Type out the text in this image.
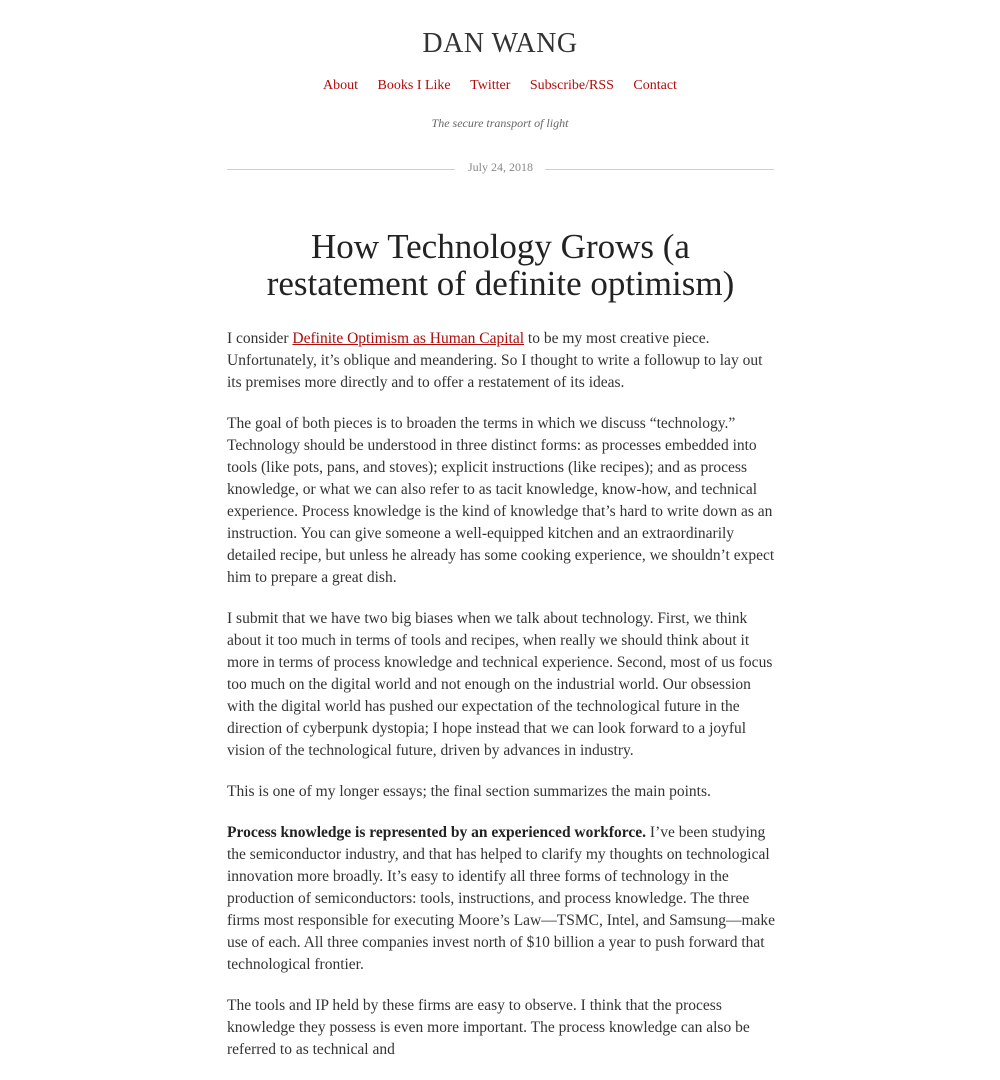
DAN WANG
About Books I Like Twitter Subscribe/RSS Contact
The secure transport of light
July 24, 2018
How Technology Grows (a restatement of definite optimism)

I consider Definite Optimism as Human Capital to be my most creative piece. Unfortunately, it’s oblique and meandering. So I thought to write a followup to lay out its premises more directly and to offer a restatement of its ideas.

The goal of both pieces is to broaden the terms in which we discuss “technology.” Technology should be understood in three distinct forms: as processes embedded into tools (like pots, pans, and stoves); explicit instructions (like recipes); and as process knowledge, or what we can also refer to as tacit knowledge, know-how, and technical experience. Process knowledge is the kind of knowledge that’s hard to write down as an instruction. You can give someone a well-equipped kitchen and an extraordinarily detailed recipe, but unless he already has some cooking experience, we shouldn’t expect him to prepare a great dish.

I submit that we have two big biases when we talk about technology. First, we think about it too much in terms of tools and recipes, when really we should think about it more in terms of process knowledge and technical experience. Second, most of us focus too much on the digital world and not enough on the industrial world. Our obsession with the digital world has pushed our expectation of the technological future in the direction of cyberpunk dystopia; I hope instead that we can look forward to a joyful vision of the technological future, driven by advances in industry.

This is one of my longer essays; the final section summarizes the main points.

Process knowledge is represented by an experienced workforce. I’ve been studying the semiconductor industry, and that has helped to clarify my thoughts on technological innovation more broadly. It’s easy to identify all three forms of technology in the production of semiconductors: tools, instructions, and process knowledge. The three firms most responsible for executing Moore’s Law—TSMC, Intel, and Samsung—make use of each. All three companies invest north of $10 billion a year to push forward that technological frontier.

The tools and IP held by these firms are easy to observe. I think that the process knowledge they possess is even more important. The process knowledge can also be referred to as technical and
